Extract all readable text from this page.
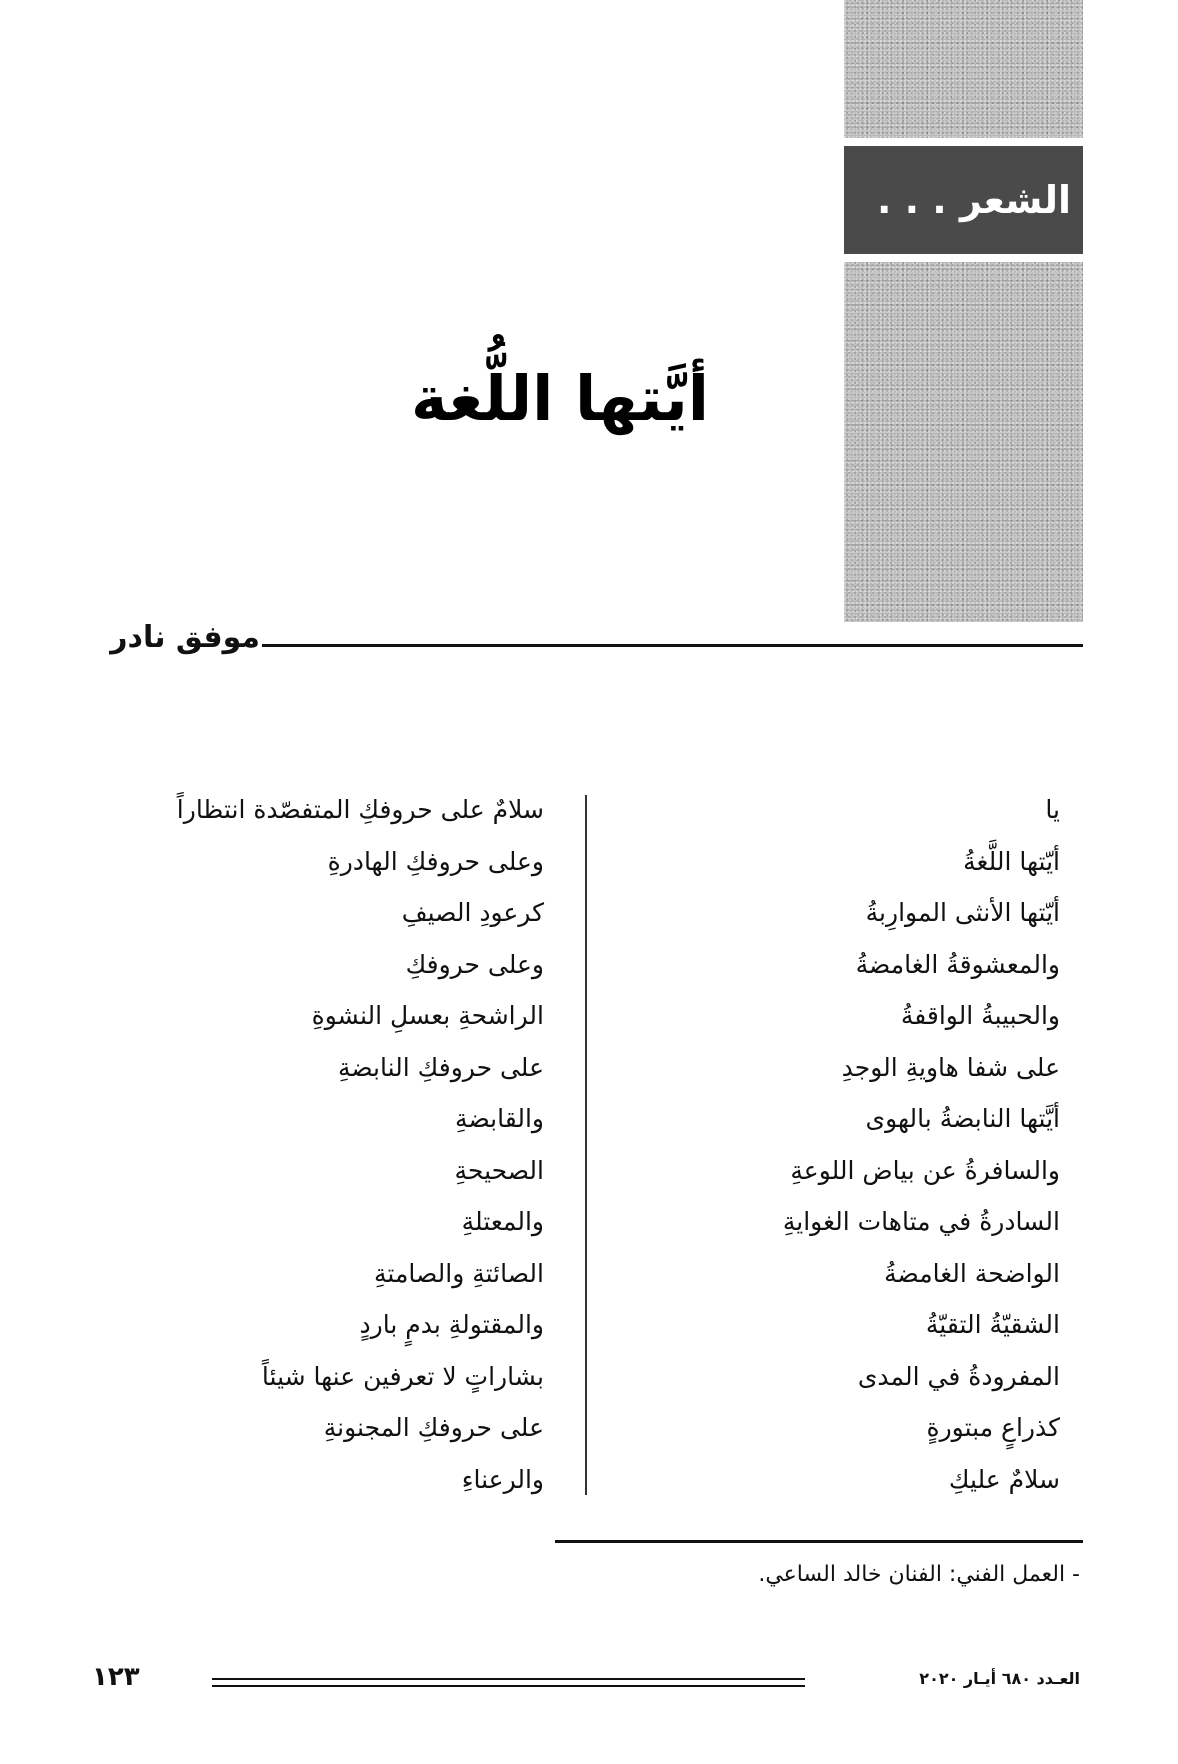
الشعر . . .
أيَّتها اللُّغة
موفق نادر
يا
أيّتها اللَّغةُ
أيّتها الأنثى الموارِبةُ
والمعشوقةُ الغامضةُ
والحبيبةُ الواقفةُ
على شفا هاويةِ الوجدِ
أيَّتها النابضةُ بالهوى
والسافرةُ عن بياض اللوعةِ
السادرةُ في متاهات الغوايةِ
الواضحة الغامضةُ
الشقيّةُ التقيّةُ
المفرودةُ في المدى
كذراعٍ مبتورةٍ
سلامٌ عليكِ
سلامٌ على حروفكِ المتفصّدة انتظاراً
وعلى حروفكِ الهادرةِ
كرعودِ الصيفِ
وعلى حروفكِ
الراشحةِ بعسلِ النشوةِ
على حروفكِ النابضةِ
والقابضةِ
الصحيحةِ
والمعتلةِ
الصائتةِ والصامتةِ
والمقتولةِ بدمٍ باردٍ
بشاراتٍ لا تعرفين عنها شيئاً
على حروفكِ المجنونةِ
والرعناءِ
- العمل الفني: الفنان خالد الساعي.
العـدد ٦٨٠ أيـار ٢٠٢٠
١٢٣
